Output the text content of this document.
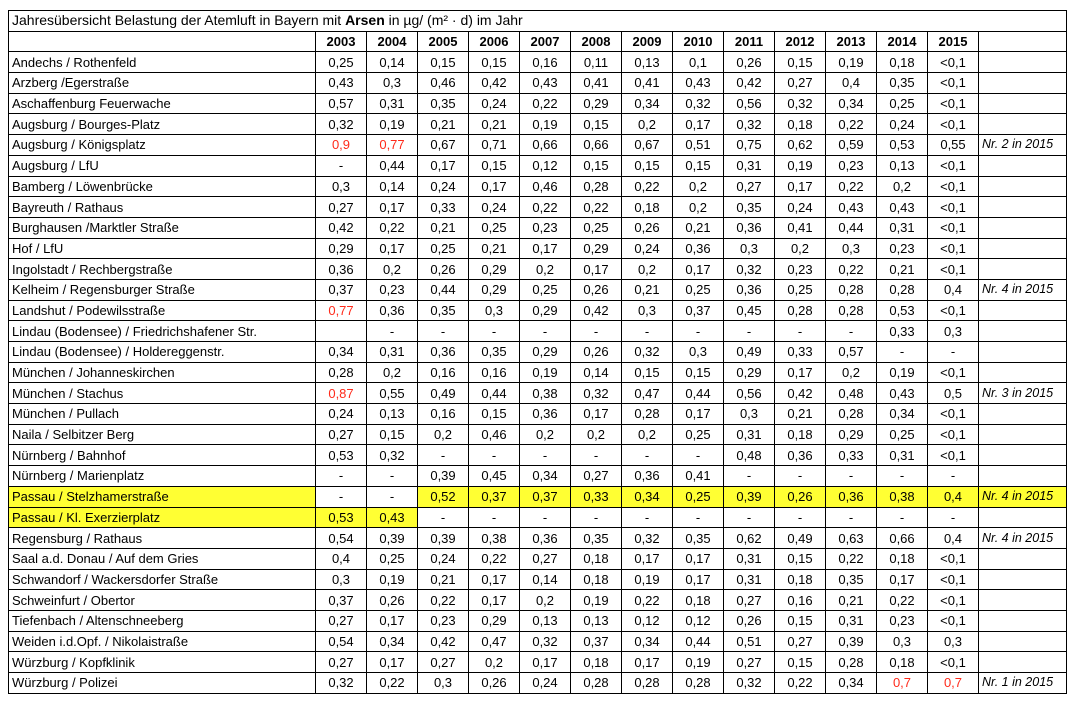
Jahresübersicht Belastung der Atemluft in Bayern mit Arsen in µg/ (m² · d) im Jahr														
	2003	2004	2005	2006	2007	2008	2009	2010	2011	2012	2013	2014	2015	
Andechs / Rothenfeld	0,25	0,14	0,15	0,15	0,16	0,11	0,13	0,1	0,26	0,15	0,19	0,18	<0,1	
Arzberg /Egerstraße	0,43	0,3	0,46	0,42	0,43	0,41	0,41	0,43	0,42	0,27	0,4	0,35	<0,1	
Aschaffenburg Feuerwache	0,57	0,31	0,35	0,24	0,22	0,29	0,34	0,32	0,56	0,32	0,34	0,25	<0,1	
Augsburg / Bourges-Platz	0,32	0,19	0,21	0,21	0,19	0,15	0,2	0,17	0,32	0,18	0,22	0,24	<0,1	
Augsburg / Königsplatz	0,9	0,77	0,67	0,71	0,66	0,66	0,67	0,51	0,75	0,62	0,59	0,53	0,55	Nr. 2 in 2015
Augsburg / LfU	-	0,44	0,17	0,15	0,12	0,15	0,15	0,15	0,31	0,19	0,23	0,13	<0,1	
Bamberg / Löwenbrücke	0,3	0,14	0,24	0,17	0,46	0,28	0,22	0,2	0,27	0,17	0,22	0,2	<0,1	
Bayreuth / Rathaus	0,27	0,17	0,33	0,24	0,22	0,22	0,18	0,2	0,35	0,24	0,43	0,43	<0,1	
Burghausen /Marktler Straße	0,42	0,22	0,21	0,25	0,23	0,25	0,26	0,21	0,36	0,41	0,44	0,31	<0,1	
Hof / LfU	0,29	0,17	0,25	0,21	0,17	0,29	0,24	0,36	0,3	0,2	0,3	0,23	<0,1	
Ingolstadt / Rechbergstraße	0,36	0,2	0,26	0,29	0,2	0,17	0,2	0,17	0,32	0,23	0,22	0,21	<0,1	
Kelheim / Regensburger Straße	0,37	0,23	0,44	0,29	0,25	0,26	0,21	0,25	0,36	0,25	0,28	0,28	0,4	Nr. 4 in 2015
Landshut / Podewilsstraße	0,77	0,36	0,35	0,3	0,29	0,42	0,3	0,37	0,45	0,28	0,28	0,53	<0,1	
Lindau (Bodensee) / Friedrichshafener Str.		-	-	-	-	-	-	-	-	-	-	0,33	0,3	
Lindau (Bodensee) / Holdereggenstr.	0,34	0,31	0,36	0,35	0,29	0,26	0,32	0,3	0,49	0,33	0,57	-	-	
München / Johanneskirchen	0,28	0,2	0,16	0,16	0,19	0,14	0,15	0,15	0,29	0,17	0,2	0,19	<0,1	
München / Stachus	0,87	0,55	0,49	0,44	0,38	0,32	0,47	0,44	0,56	0,42	0,48	0,43	0,5	Nr. 3 in 2015
München / Pullach	0,24	0,13	0,16	0,15	0,36	0,17	0,28	0,17	0,3	0,21	0,28	0,34	<0,1	
Naila / Selbitzer Berg	0,27	0,15	0,2	0,46	0,2	0,2	0,2	0,25	0,31	0,18	0,29	0,25	<0,1	
Nürnberg / Bahnhof	0,53	0,32	-	-	-	-	-	-	0,48	0,36	0,33	0,31	<0,1	
Nürnberg / Marienplatz	-	-	0,39	0,45	0,34	0,27	0,36	0,41	-	-	-	-	-	
Passau / Stelzhamerstraße	-	-	0,52	0,37	0,37	0,33	0,34	0,25	0,39	0,26	0,36	0,38	0,4	Nr. 4 in 2015
Passau / Kl. Exerzierplatz	0,53	0,43	-	-	-	-	-	-	-	-	-	-	-	
Regensburg / Rathaus	0,54	0,39	0,39	0,38	0,36	0,35	0,32	0,35	0,62	0,49	0,63	0,66	0,4	Nr. 4 in 2015
Saal a.d. Donau / Auf dem Gries	0,4	0,25	0,24	0,22	0,27	0,18	0,17	0,17	0,31	0,15	0,22	0,18	<0,1	
Schwandorf / Wackersdorfer Straße	0,3	0,19	0,21	0,17	0,14	0,18	0,19	0,17	0,31	0,18	0,35	0,17	<0,1	
Schweinfurt / Obertor	0,37	0,26	0,22	0,17	0,2	0,19	0,22	0,18	0,27	0,16	0,21	0,22	<0,1	
Tiefenbach / Altenschneeberg	0,27	0,17	0,23	0,29	0,13	0,13	0,12	0,12	0,26	0,15	0,31	0,23	<0,1	
Weiden i.d.Opf. / Nikolaistraße	0,54	0,34	0,42	0,47	0,32	0,37	0,34	0,44	0,51	0,27	0,39	0,3	0,3	
Würzburg / Kopfklinik	0,27	0,17	0,27	0,2	0,17	0,18	0,17	0,19	0,27	0,15	0,28	0,18	<0,1	
Würzburg / Polizei	0,32	0,22	0,3	0,26	0,24	0,28	0,28	0,28	0,32	0,22	0,34	0,7	0,7	Nr. 1 in 2015
